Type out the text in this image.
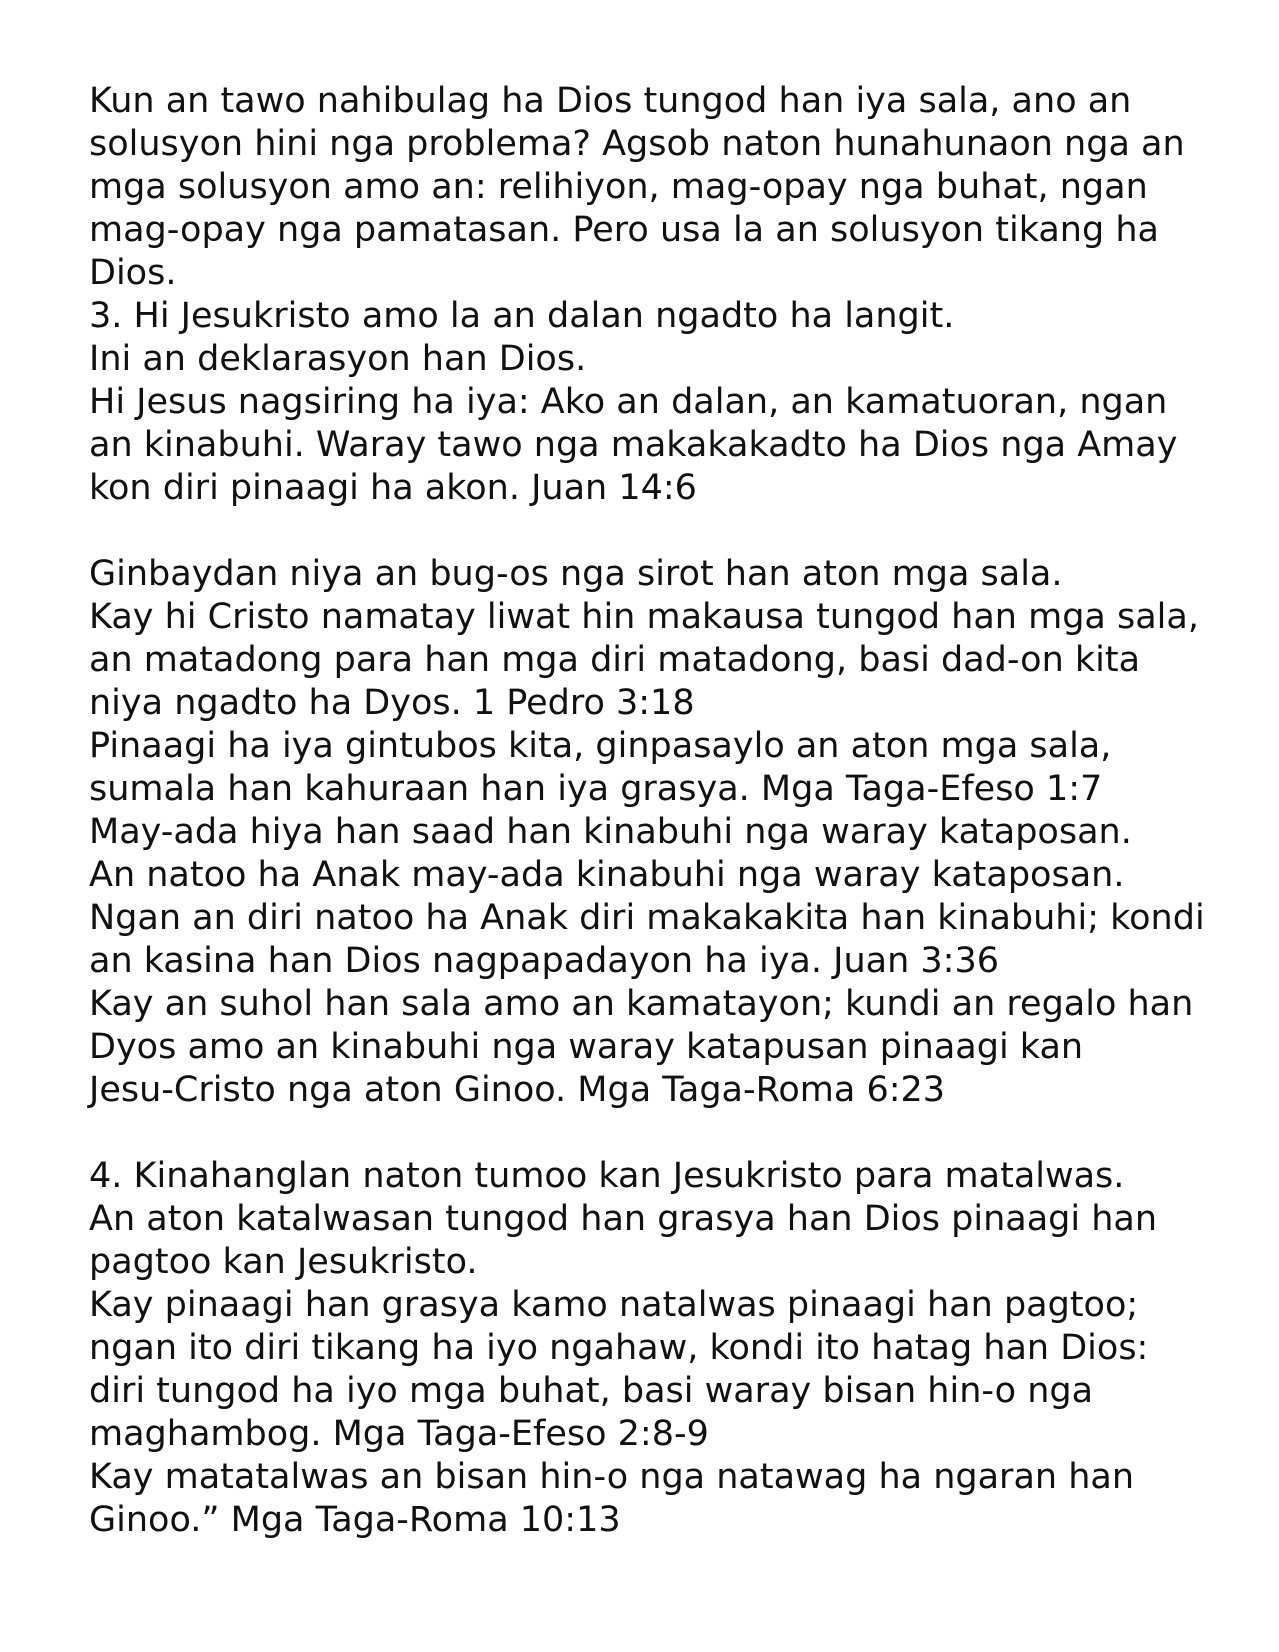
Kun an tawo nahibulag ha Dios tungod han iya sala, ano an
solusyon hini nga problema? Agsob naton hunahunaon nga an
mga solusyon amo an: relihiyon, mag-opay nga buhat, ngan
mag-opay nga pamatasan. Pero usa la an solusyon tikang ha
Dios.
3. Hi Jesukristo amo la an dalan ngadto ha langit.
Ini an deklarasyon han Dios.
Hi Jesus nagsiring ha iya: Ako an dalan, an kamatuoran, ngan
an kinabuhi. Waray tawo nga makakakadto ha Dios nga Amay
kon diri pinaagi ha akon. Juan 14:6
Ginbaydan niya an bug-os nga sirot han aton mga sala.
Kay hi Cristo namatay liwat hin makausa tungod han mga sala,
an matadong para han mga diri matadong, basi dad-on kita
niya ngadto ha Dyos. 1 Pedro 3:18
Pinaagi ha iya gintubos kita, ginpasaylo an aton mga sala,
sumala han kahuraan han iya grasya. Mga Taga-Efeso 1:7
May-ada hiya han saad han kinabuhi nga waray kataposan.
An natoo ha Anak may-ada kinabuhi nga waray kataposan.
Ngan an diri natoo ha Anak diri makakakita han kinabuhi; kondi
an kasina han Dios nagpapadayon ha iya. Juan 3:36
Kay an suhol han sala amo an kamatayon; kundi an regalo han
Dyos amo an kinabuhi nga waray katapusan pinaagi kan
Jesu-Cristo nga aton Ginoo. Mga Taga-Roma 6:23
4. Kinahanglan naton tumoo kan Jesukristo para matalwas.
An aton katalwasan tungod han grasya han Dios pinaagi han
pagtoo kan Jesukristo.
Kay pinaagi han grasya kamo natalwas pinaagi han pagtoo;
ngan ito diri tikang ha iyo ngahaw, kondi ito hatag han Dios:
diri tungod ha iyo mga buhat, basi waray bisan hin-o nga
maghambog. Mga Taga-Efeso 2:8-9
Kay matatalwas an bisan hin-o nga natawag ha ngaran han
Ginoo.” Mga Taga-Roma 10:13
